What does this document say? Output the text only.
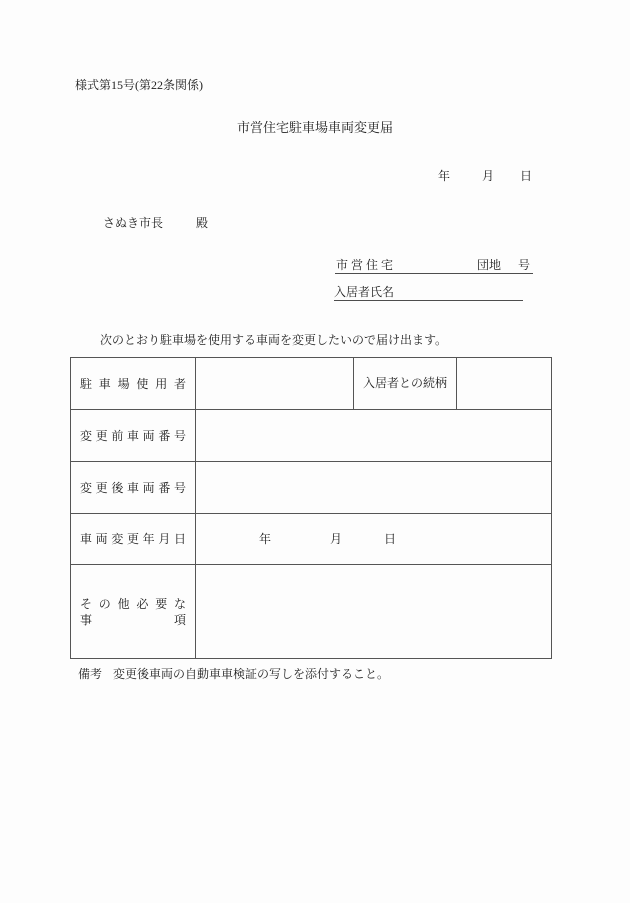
様式第15号(第22条関係)
市営住宅駐車場車両変更届
年	月 日
さぬき市長	殿
市 営 住 宅	団地 号
入居者氏名
次のとおり駐車場を使用する車両を変更したいので届け出ます。
駐 車 場 使 用 者	入居者との続柄
変 更 前 車 両 番 号
変 更 後 車 両 番 号
車 両 変 更 年 月 日	年	月	日
そ の 他 必 要 な
事 項
備考 変更後車両の自動車車検証の写しを添付すること。
